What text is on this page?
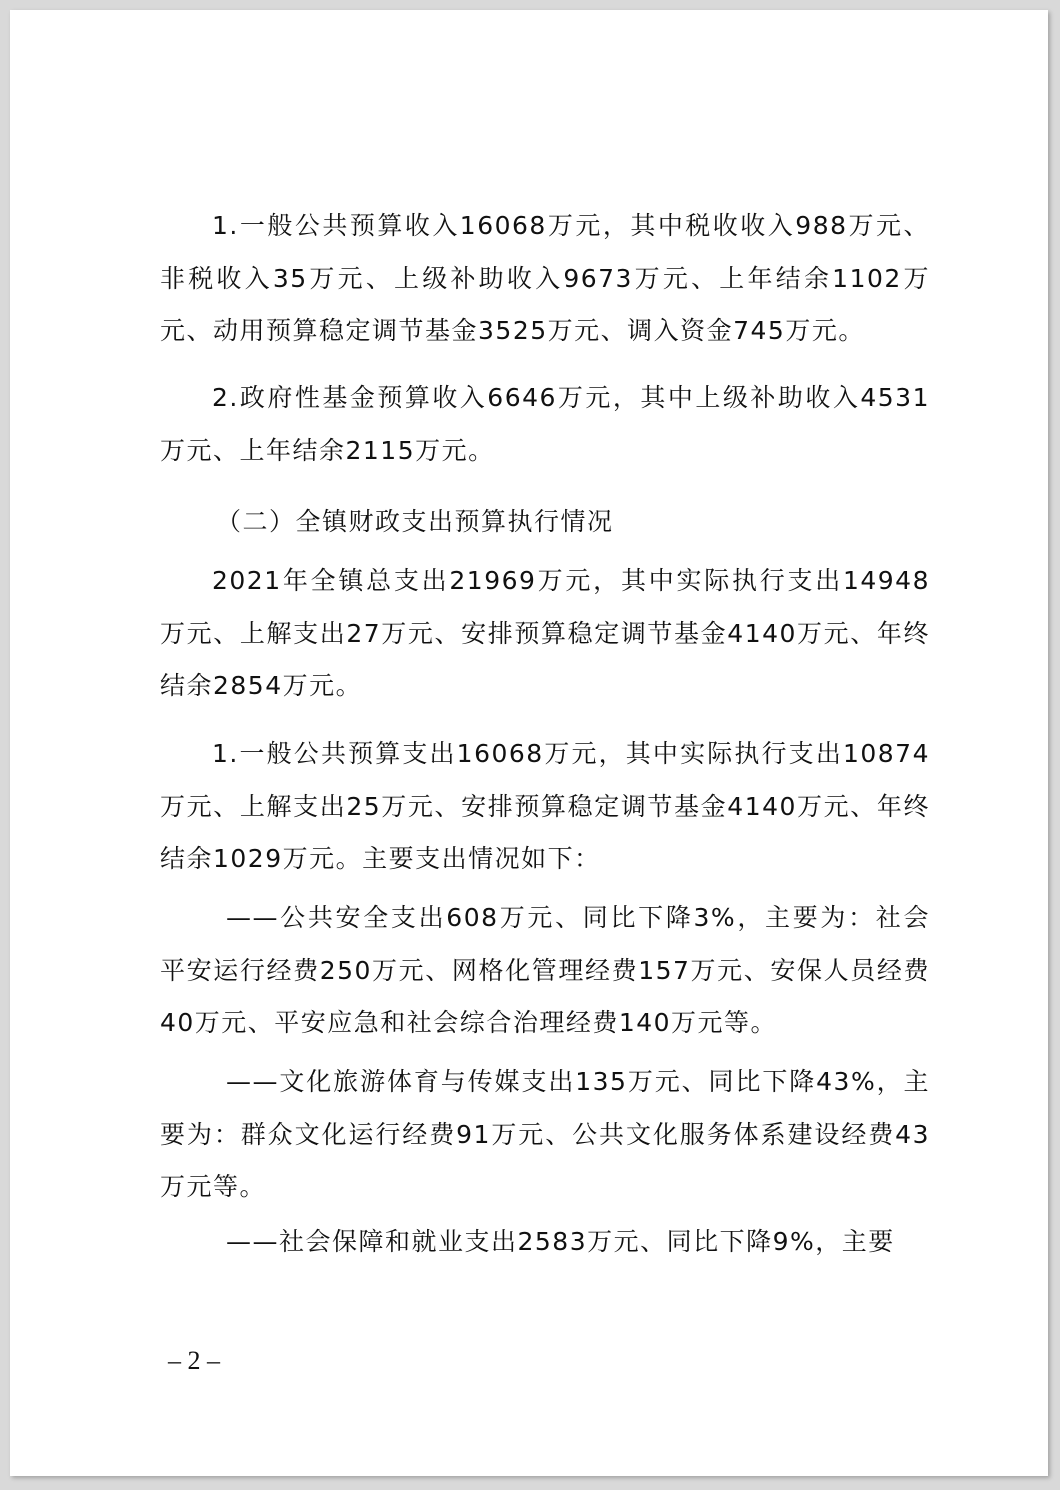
1.一般公共预算收入16068万元，其中税收收入988万元、非税收入35万元、上级补助收入9673万元、上年结余1102万元、动用预算稳定调节基金3525万元、调入资金745万元。

2.政府性基金预算收入6646万元，其中上级补助收入4531万元、上年结余2115万元。

（二）全镇财政支出预算执行情况

2021年全镇总支出21969万元，其中实际执行支出14948万元、上解支出27万元、安排预算稳定调节基金4140万元、年终结余2854万元。

1.一般公共预算支出16068万元，其中实际执行支出10874万元、上解支出25万元、安排预算稳定调节基金4140万元、年终结余1029万元。主要支出情况如下：

——公共安全支出608万元、同比下降3%，主要为：社会平安运行经费250万元、网格化管理经费157万元、安保人员经费40万元、平安应急和社会综合治理经费140万元等。

——文化旅游体育与传媒支出135万元、同比下降43%，主要为：群众文化运行经费91万元、公共文化服务体系建设经费43万元等。

——社会保障和就业支出2583万元、同比下降9%，主要

– 2 –
